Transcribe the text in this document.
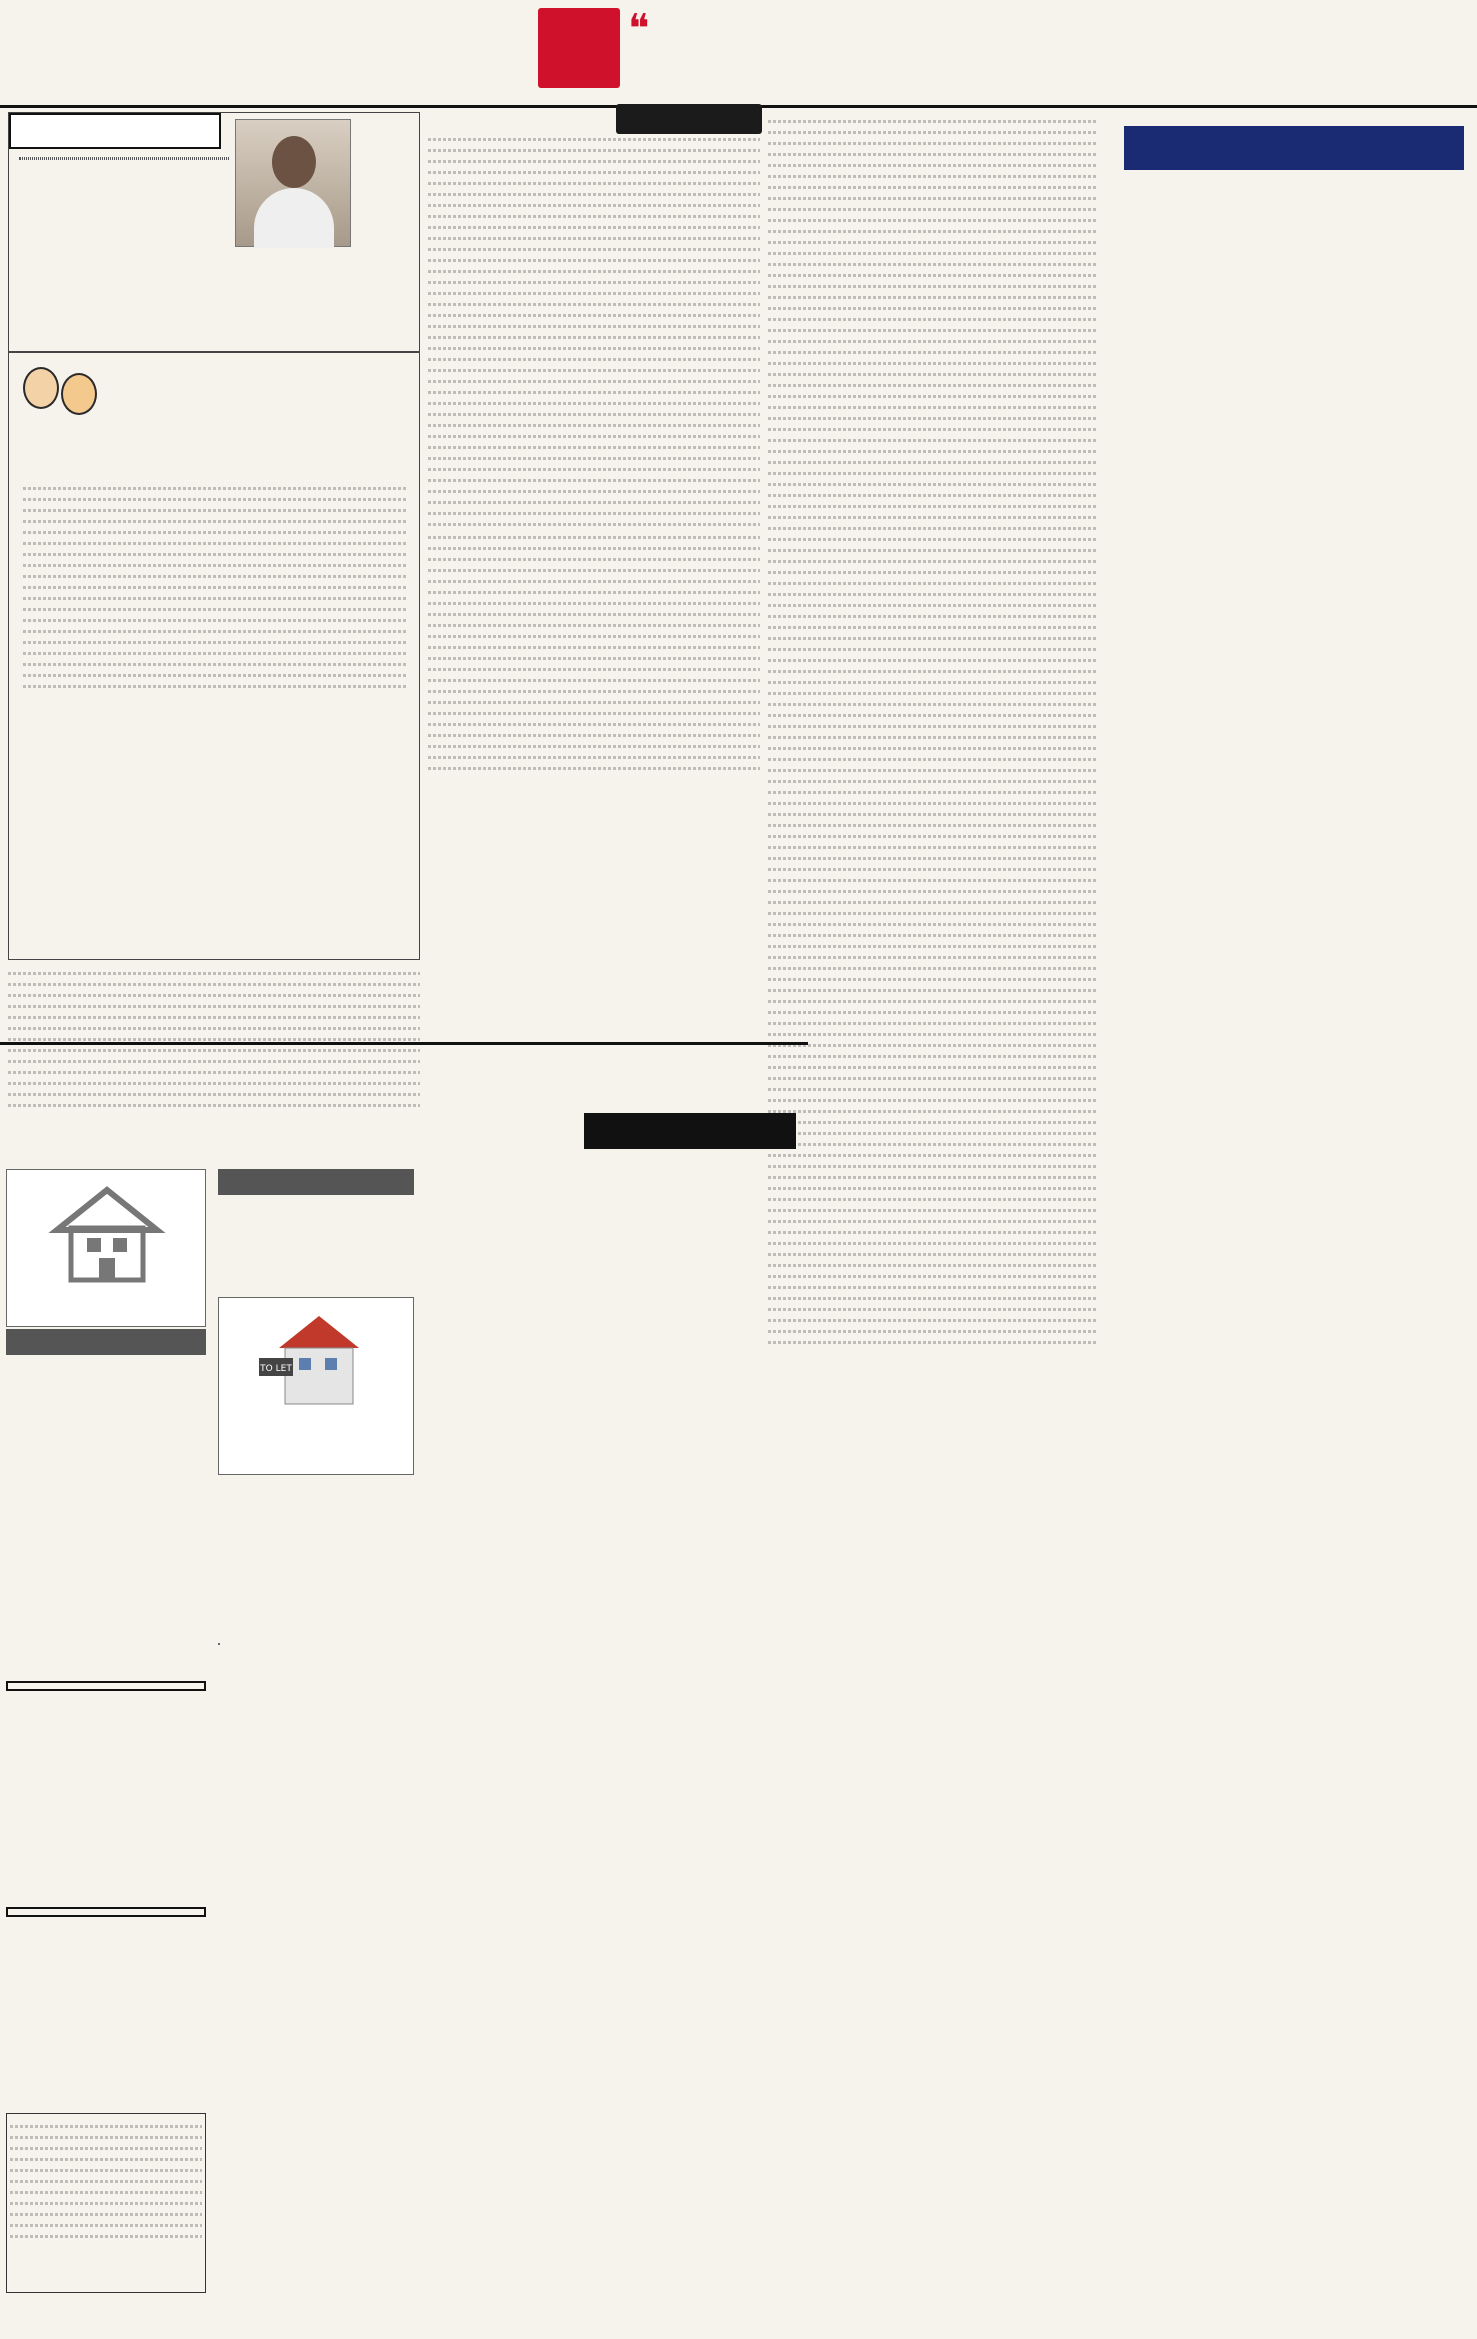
❝
TO LET
